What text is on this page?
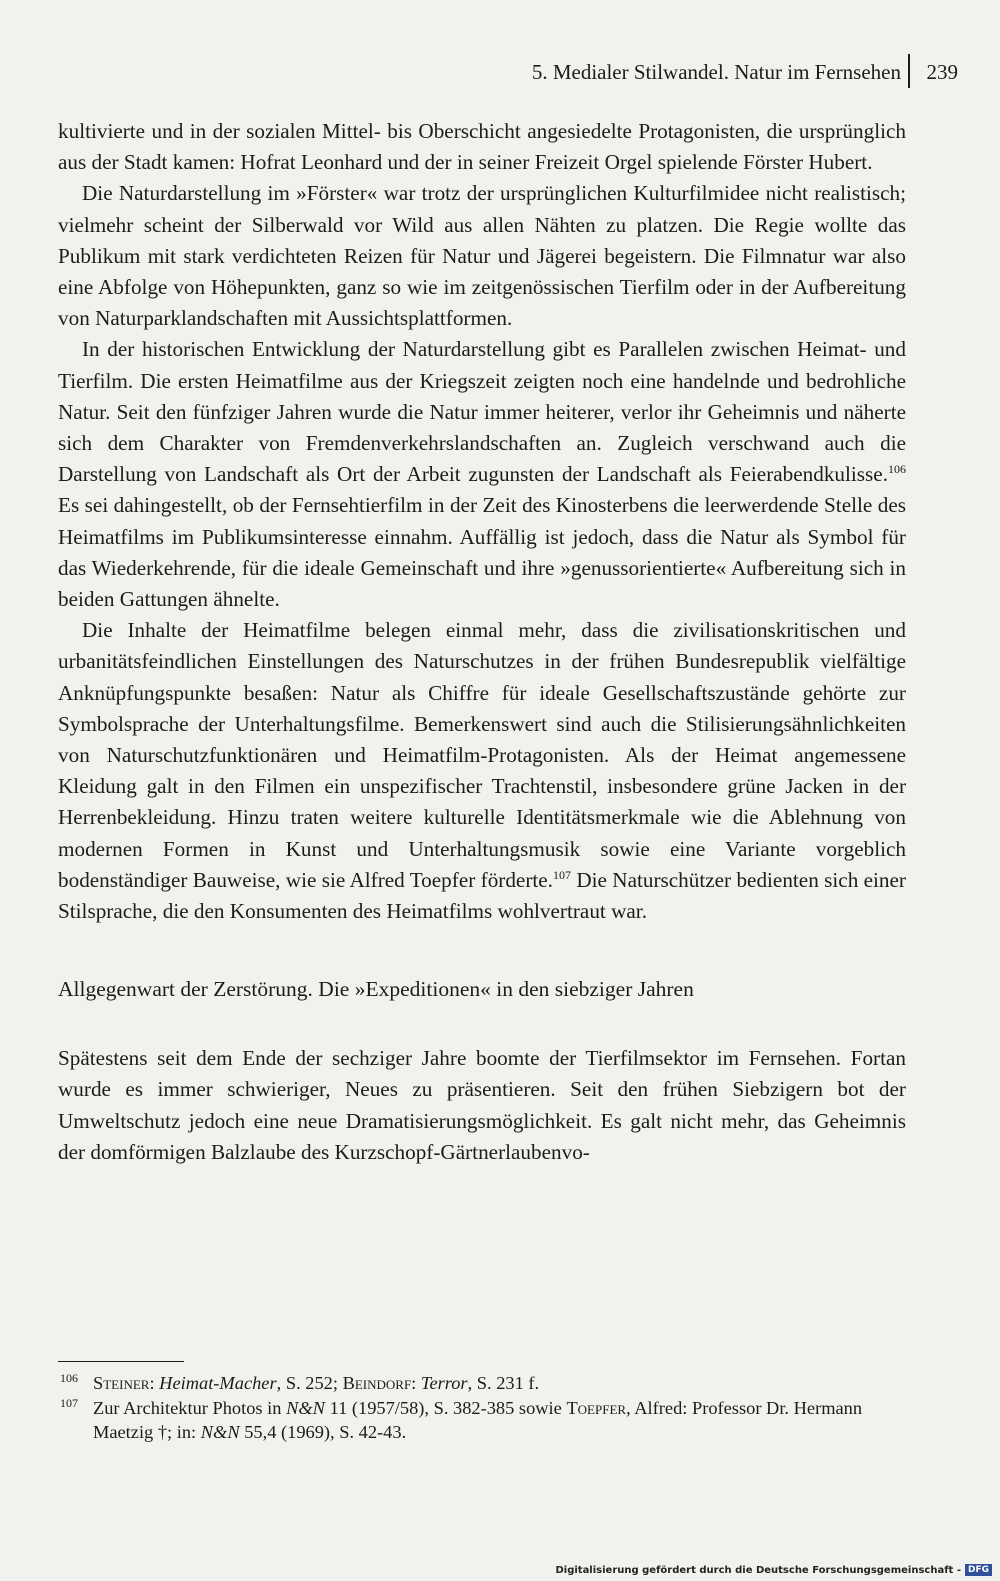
5. Medialer Stilwandel. Natur im Fernsehen 239

kultivierte und in der sozialen Mittel- bis Oberschicht angesiedelte Protagonisten, die ursprünglich aus der Stadt kamen: Hofrat Leonhard und der in seiner Freizeit Orgel spielende Förster Hubert.

Die Naturdarstellung im »Förster« war trotz der ursprünglichen Kulturfilmidee nicht realistisch; vielmehr scheint der Silberwald vor Wild aus allen Nähten zu platzen. Die Regie wollte das Publikum mit stark verdichteten Reizen für Natur und Jägerei begeistern. Die Filmnatur war also eine Abfolge von Höhepunkten, ganz so wie im zeitgenössischen Tierfilm oder in der Aufbereitung von Naturparklandschaften mit Aussichtsplattformen.

In der historischen Entwicklung der Naturdarstellung gibt es Parallelen zwischen Heimat- und Tierfilm. Die ersten Heimatfilme aus der Kriegszeit zeigten noch eine handelnde und bedrohliche Natur. Seit den fünfziger Jahren wurde die Natur immer heiterer, verlor ihr Geheimnis und näherte sich dem Charakter von Fremdenverkehrslandschaften an. Zugleich verschwand auch die Darstellung von Landschaft als Ort der Arbeit zugunsten der Landschaft als Feierabendkulisse.$^{106}$ Es sei dahingestellt, ob der Fernsehtierfilm in der Zeit des Kinosterbens die leerwerdende Stelle des Heimatfilms im Publikumsinteresse einnahm. Auffällig ist jedoch, dass die Natur als Symbol für das Wiederkehrende, für die ideale Gemeinschaft und ihre »genussorientierte« Aufbereitung sich in beiden Gattungen ähnelte.

Die Inhalte der Heimatfilme belegen einmal mehr, dass die zivilisationskritischen und urbanitätsfeindlichen Einstellungen des Naturschutzes in der frühen Bundesrepublik vielfältige Anknüpfungspunkte besaßen: Natur als Chiffre für ideale Gesellschaftszustände gehörte zur Symbolsprache der Unterhaltungsfilme. Bemerkenswert sind auch die Stilisierungsähnlichkeiten von Naturschutzfunktionären und Heimatfilm-Protagonisten. Als der Heimat angemessene Kleidung galt in den Filmen ein unspezifischer Trachtenstil, insbesondere grüne Jacken in der Herrenbekleidung. Hinzu traten weitere kulturelle Identitätsmerkmale wie die Ablehnung von modernen Formen in Kunst und Unterhaltungsmusik sowie eine Variante vorgeblich bodenständiger Bauweise, wie sie Alfred Toepfer förderte.$^{107}$ Die Naturschützer bedienten sich einer Stilsprache, die den Konsumenten des Heimatfilms wohlvertraut war.

Allgegenwart der Zerstörung. Die »Expeditionen« in den siebziger Jahren

Spätestens seit dem Ende der sechziger Jahre boomte der Tierfilmsektor im Fernsehen. Fortan wurde es immer schwieriger, Neues zu präsentieren. Seit den frühen Siebzigern bot der Umweltschutz jedoch eine neue Dramatisierungsmöglichkeit. Es galt nicht mehr, das Geheimnis der domförmigen Balzlaube des Kurzschopf-Gärtnerlaubenvo-

106 Steiner: Heimat-Macher, S. 252; Beindorf: Terror, S. 231 f.
107 Zur Architektur Photos in N&N 11 (1957/58), S. 382-385 sowie Toepfer, Alfred: Professor Dr. Hermann Maetzig †; in: N&N 55,4 (1969), S. 42-43.
Digitalisierung gefördert durch die Deutsche Forschungsgemeinschaft - DFG
